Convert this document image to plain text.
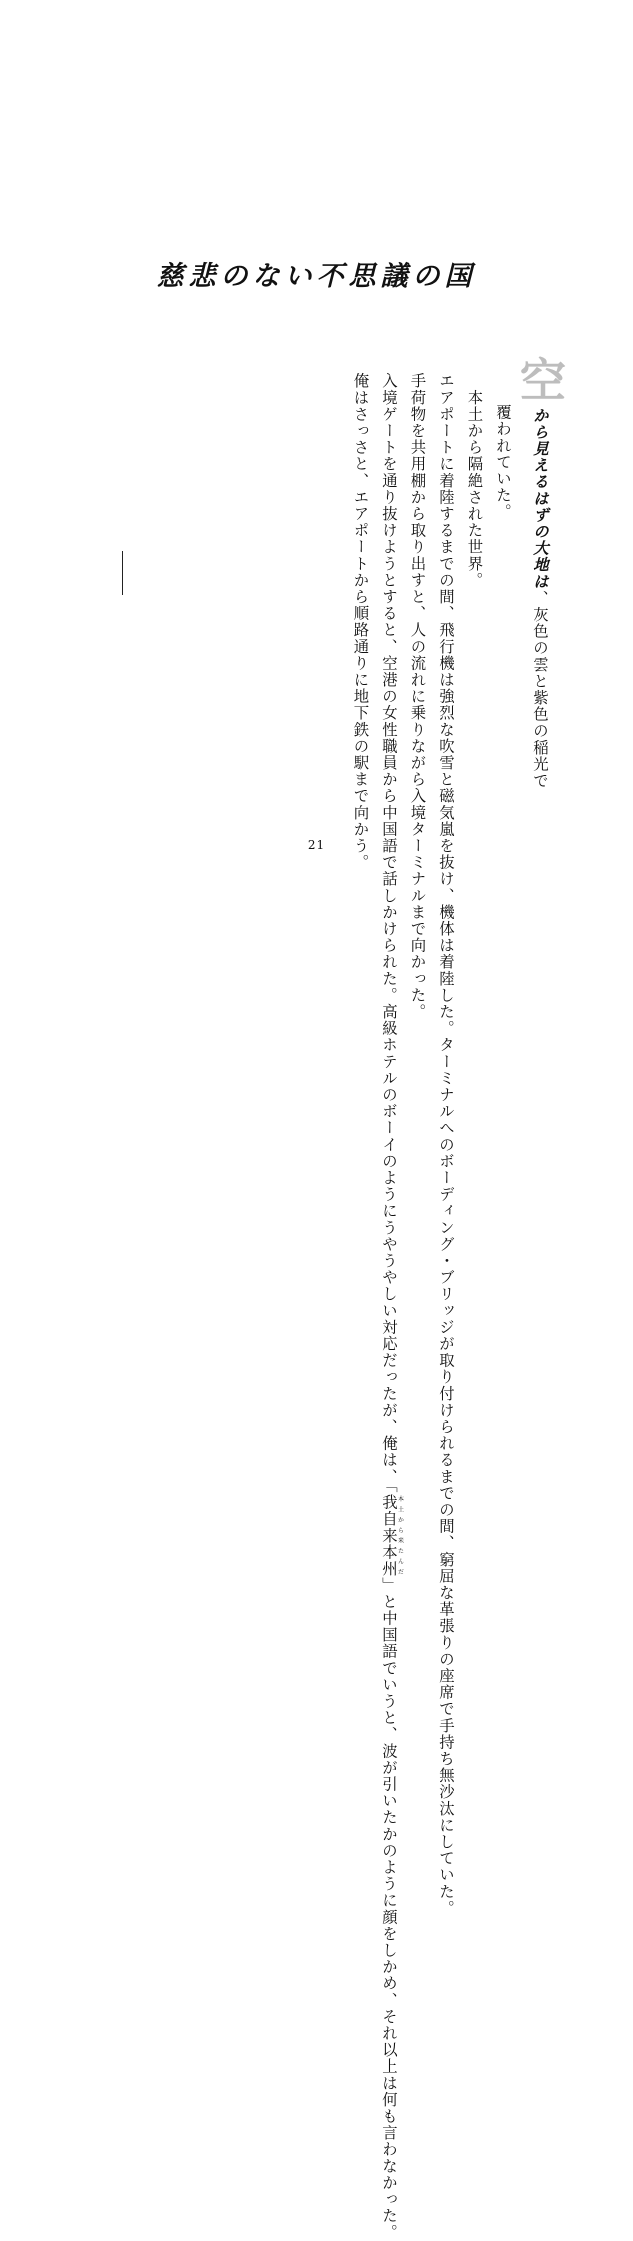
慈悲のない不思議の国
空から見えるはずの大地は、灰色の雲と紫色の稲光で
覆われていた。
　　本土から隔絶された世界。
　エアポートに着陸するまでの間、飛行機は強烈な吹雪と磁気嵐を抜け、機体は着陸した。ターミナルへのボーディング・ブリッジが取り付けられるまでの間、窮屈な革張りの座席で手持ち無沙汰にしていた。
　手荷物を共用棚から取り出すと、人の流れに乗りながら入境ターミナルまで向かった。
　入境ゲートを通り抜けようとすると、空港の女性職員から中国語で話しかけられた。高級ホテルのボーイのようにうやうやしい対応だったが、俺は、「我自来本州本土から来たんだ」と中国語でいうと、波が引いたかのように顔をしかめ、それ以上は何も言わなかった。
　俺はさっさと、エアポートから順路通りに地下鉄の駅まで向かう。
21
